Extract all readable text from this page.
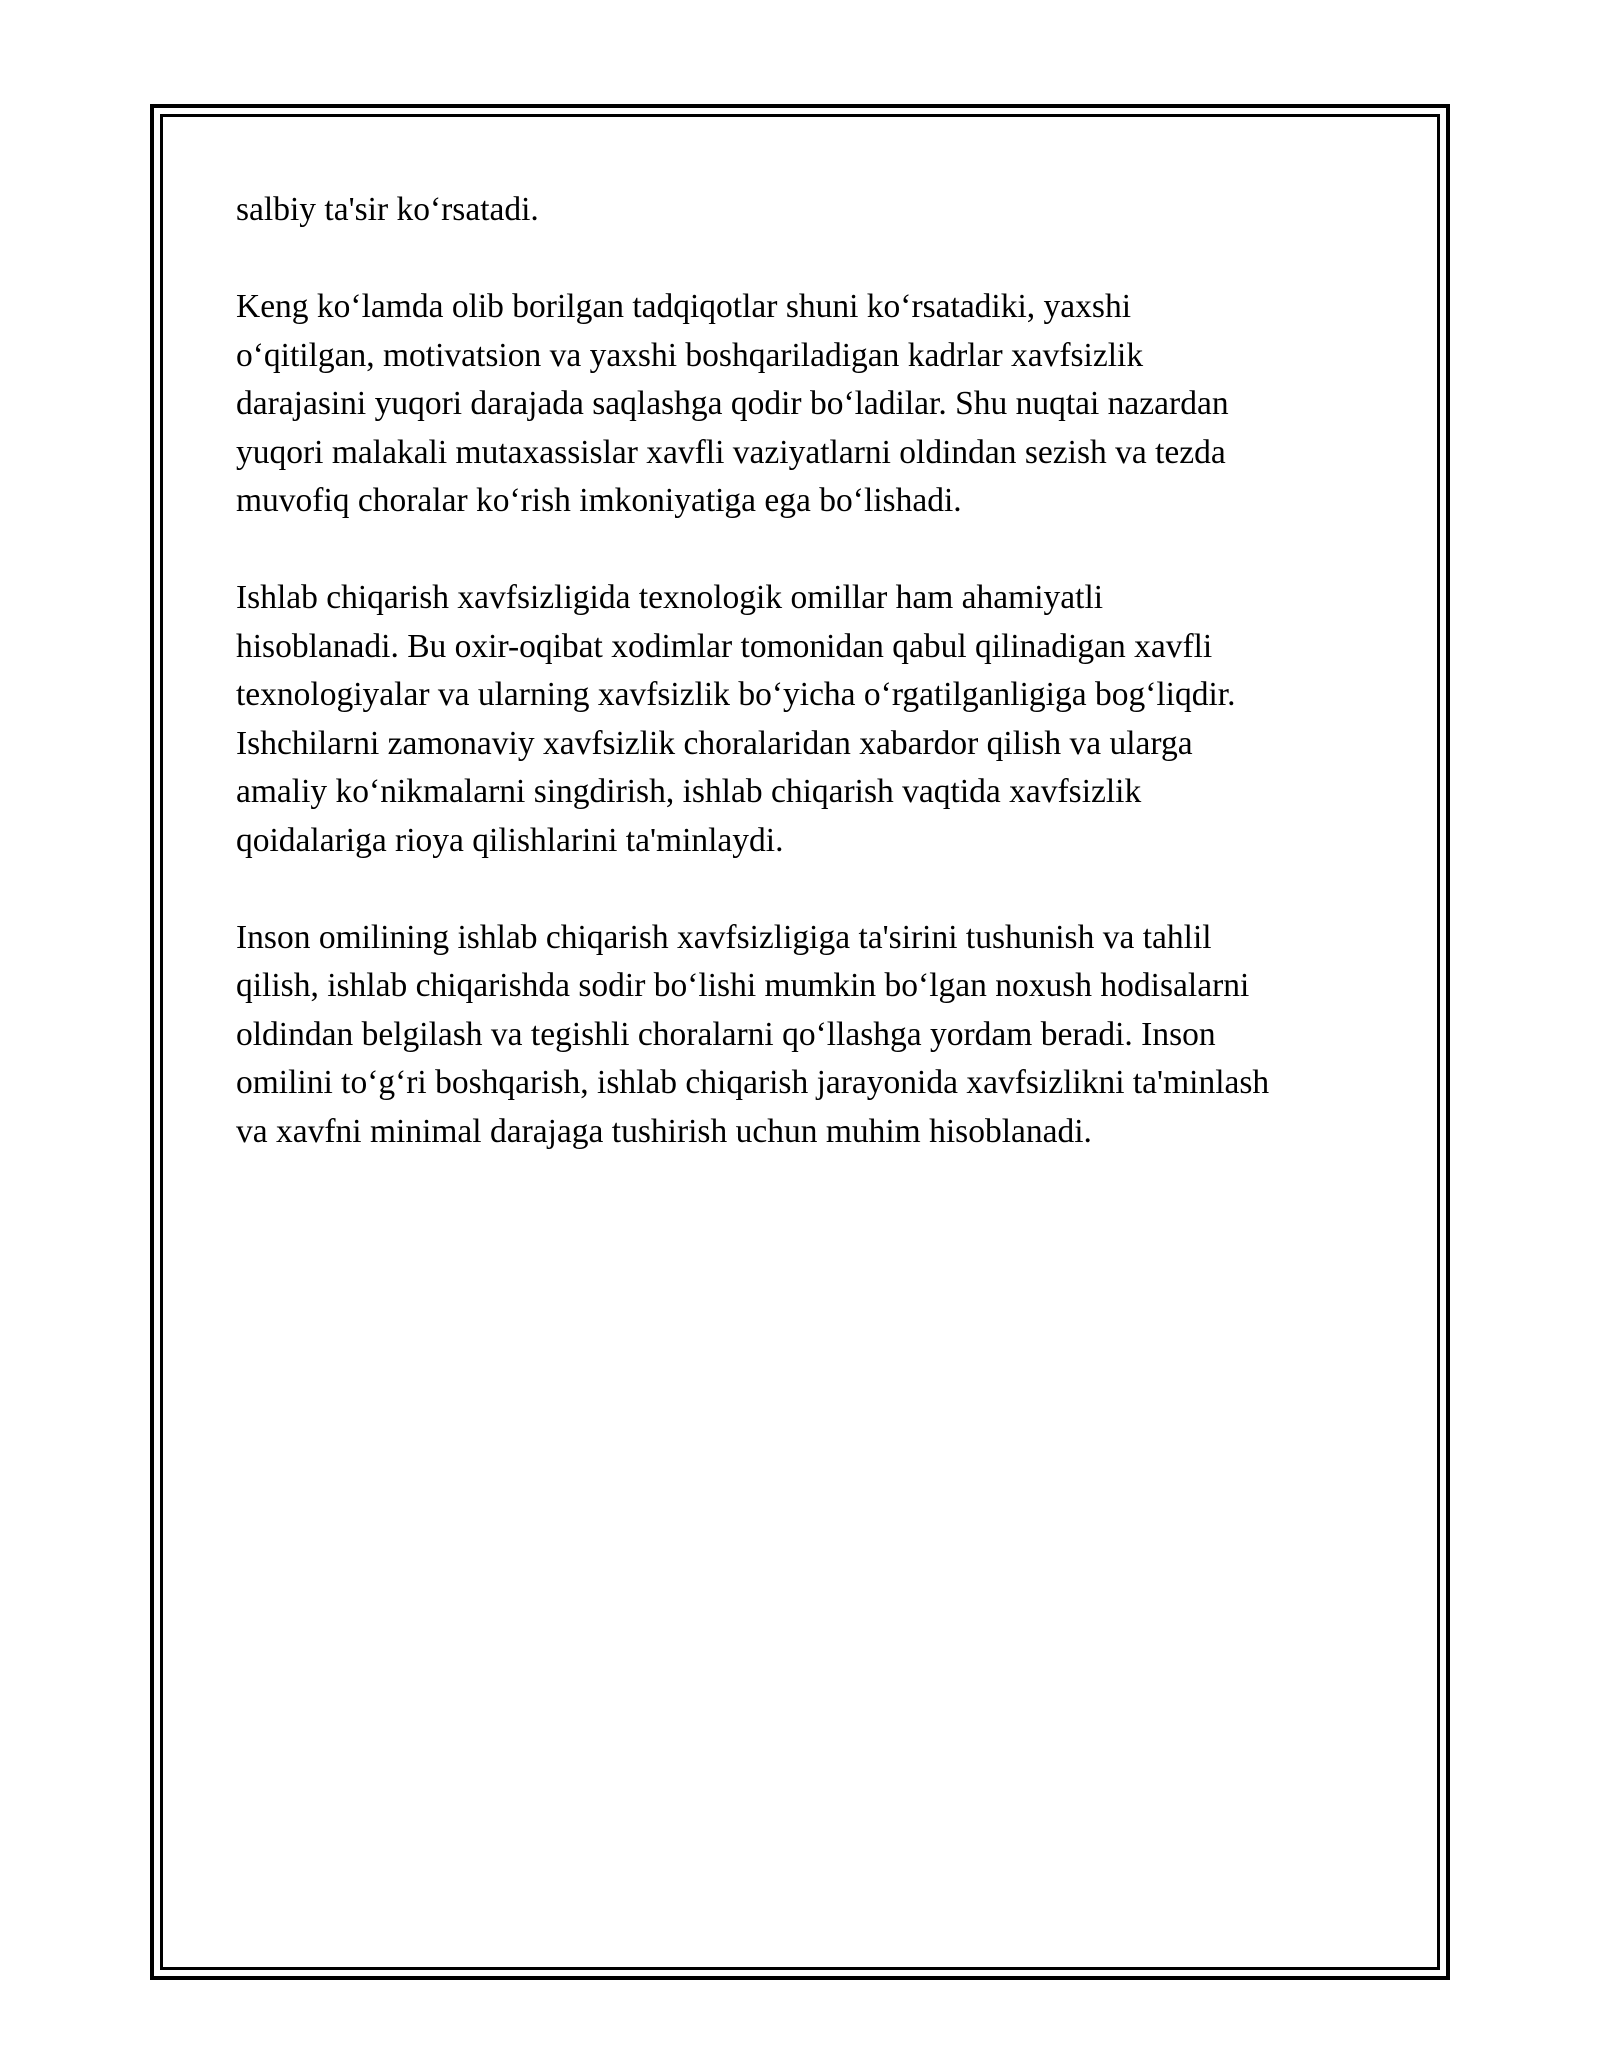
salbiy ta'sir ko‘rsatadi.

Keng ko‘lamda olib borilgan tadqiqotlar shuni ko‘rsatadiki, yaxshi
o‘qitilgan, motivatsion va yaxshi boshqariladigan kadrlar xavfsizlik
darajasini yuqori darajada saqlashga qodir bo‘ladilar. Shu nuqtai nazardan
yuqori malakali mutaxassislar xavfli vaziyatlarni oldindan sezish va tezda
muvofiq choralar ko‘rish imkoniyatiga ega bo‘lishadi.

Ishlab chiqarish xavfsizligida texnologik omillar ham ahamiyatli
hisoblanadi. Bu oxir-oqibat xodimlar tomonidan qabul qilinadigan xavfli
texnologiyalar va ularning xavfsizlik bo‘yicha o‘rgatilganligiga bog‘liqdir.
Ishchilarni zamonaviy xavfsizlik choralaridan xabardor qilish va ularga
amaliy ko‘nikmalarni singdirish, ishlab chiqarish vaqtida xavfsizlik
qoidalariga rioya qilishlarini ta'minlaydi.

Inson omilining ishlab chiqarish xavfsizligiga ta'sirini tushunish va tahlil
qilish, ishlab chiqarishda sodir bo‘lishi mumkin bo‘lgan noxush hodisalarni
oldindan belgilash va tegishli choralarni qo‘llashga yordam beradi. Inson
omilini to‘g‘ri boshqarish, ishlab chiqarish jarayonida xavfsizlikni ta'minlash
va xavfni minimal darajaga tushirish uchun muhim hisoblanadi.
